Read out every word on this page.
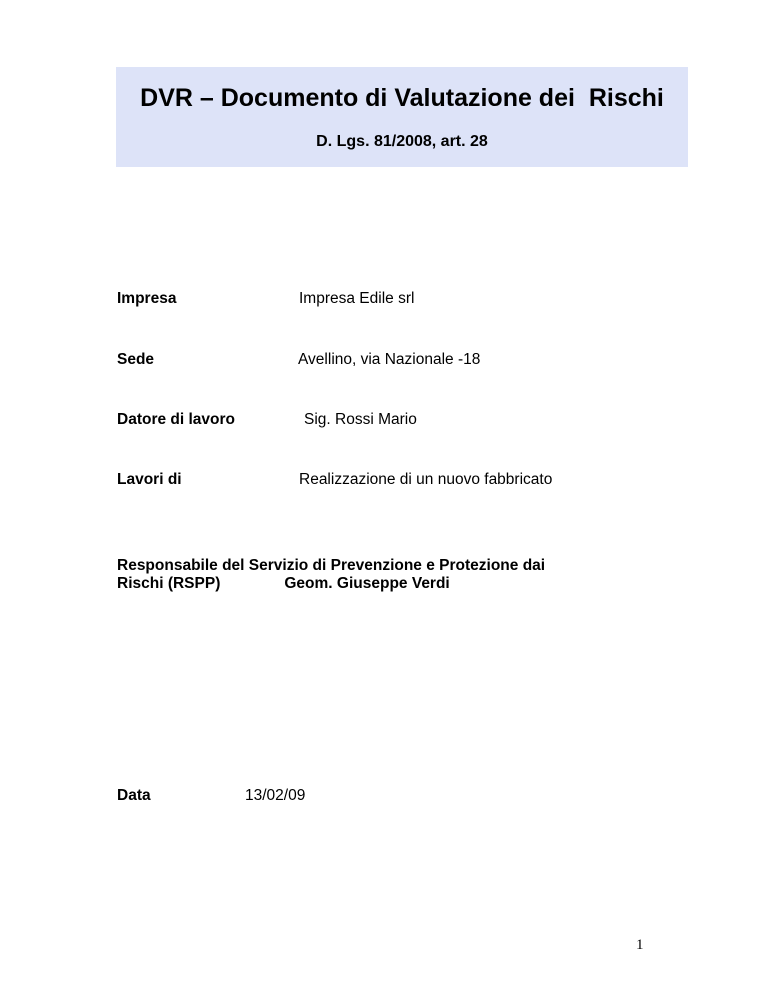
DVR – Documento di Valutazione dei  Rischi
D. Lgs. 81/2008, art. 28
Impresa	Impresa Edile srl
Sede	Avellino, via Nazionale -18
Datore di lavoro	Sig. Rossi Mario
Lavori di	Realizzazione di un nuovo fabbricato
Responsabile del Servizio di Prevenzione e Protezione dai
Rischi (RSPP)	Geom. Giuseppe Verdi
Data	13/02/09
1
